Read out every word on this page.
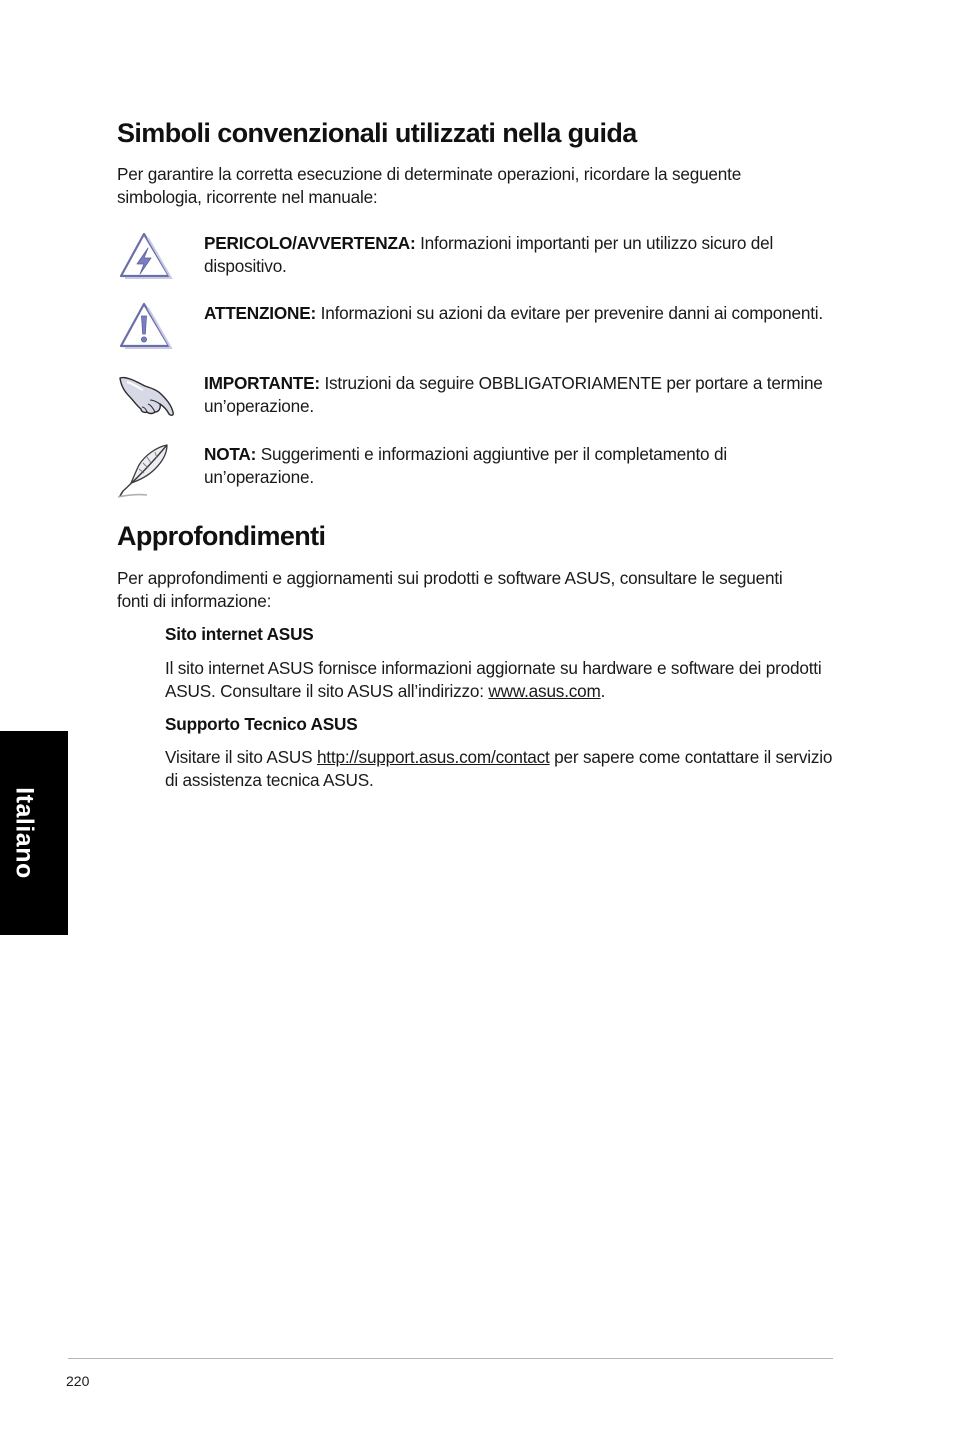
Simboli convenzionali utilizzati nella guida

Per garantire la corretta esecuzione di determinate operazioni, ricordare la seguente simbologia, ricorrente nel manuale:

PERICOLO/AVVERTENZA: Informazioni importanti per un utilizzo sicuro del dispositivo.

ATTENZIONE: Informazioni su azioni da evitare per prevenire danni ai componenti.

IMPORTANTE: Istruzioni da seguire OBBLIGATORIAMENTE per portare a termine un’operazione.

NOTA: Suggerimenti e informazioni aggiuntive per il completamento di un’operazione.

Approfondimenti

Per approfondimenti e aggiornamenti sui prodotti e software ASUS, consultare le seguenti fonti di informazione:

Sito internet ASUS

Il sito internet ASUS fornisce informazioni aggiornate su hardware e software dei prodotti ASUS. Consultare il sito ASUS all’indirizzo: www.asus.com.

Supporto Tecnico ASUS

Visitare il sito ASUS http://support.asus.com/contact per sapere come contattare il servizio di assistenza tecnica ASUS.

Italiano
220
